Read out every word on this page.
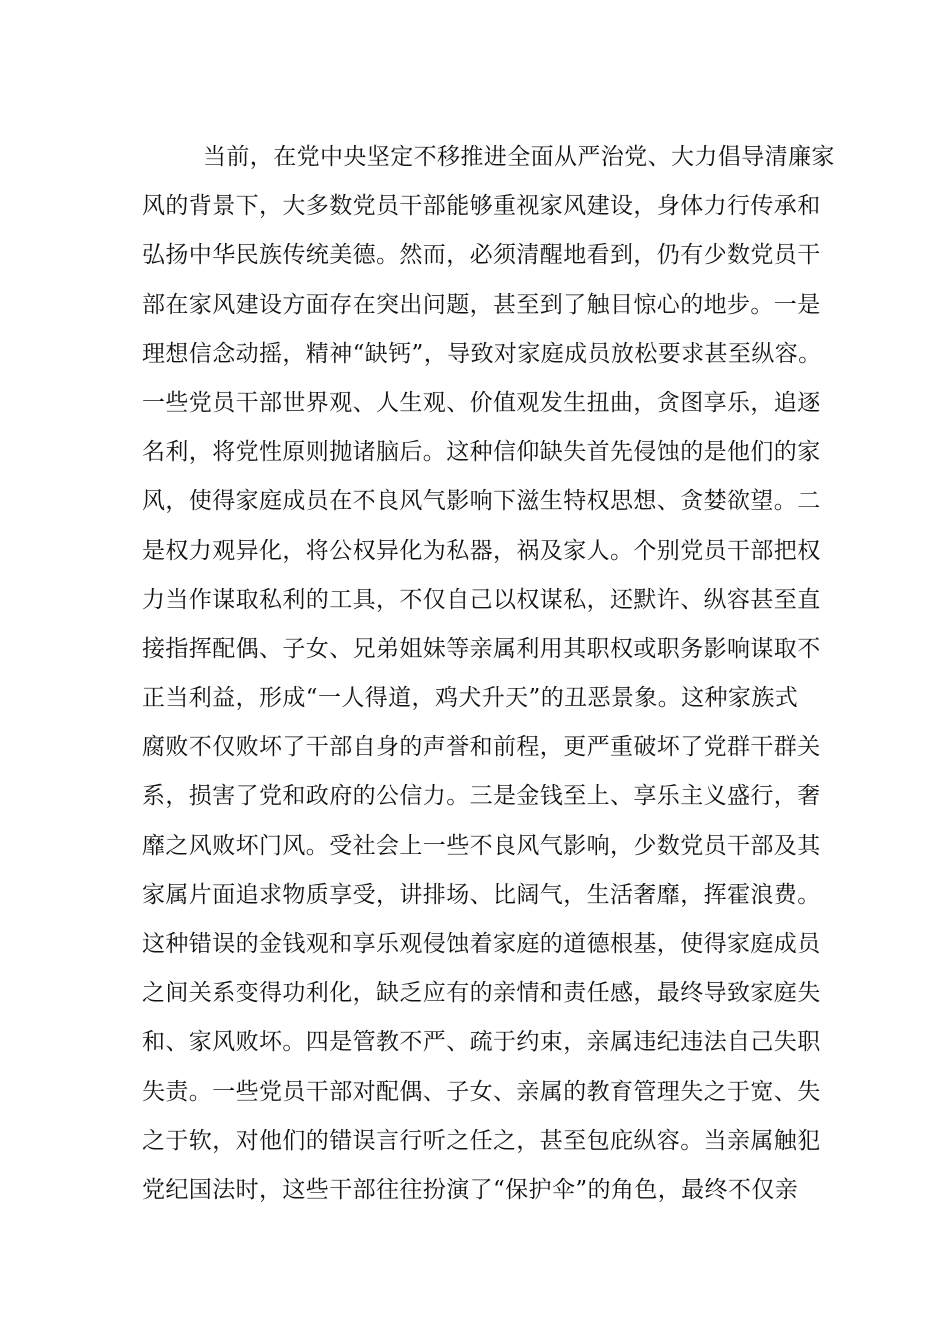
当前，在党中央坚定不移推进全面从严治党、大力倡导清廉家
风的背景下，大多数党员干部能够重视家风建设，身体力行传承和
弘扬中华民族传统美德。然而，必须清醒地看到，仍有少数党员干
部在家风建设方面存在突出问题，甚至到了触目惊心的地步。一是
理想信念动摇，精神“缺钙”，导致对家庭成员放松要求甚至纵容。
一些党员干部世界观、人生观、价值观发生扭曲，贪图享乐，追逐
名利，将党性原则抛诸脑后。这种信仰缺失首先侵蚀的是他们的家
风，使得家庭成员在不良风气影响下滋生特权思想、贪婪欲望。二
是权力观异化，将公权异化为私器，祸及家人。个别党员干部把权
力当作谋取私利的工具，不仅自己以权谋私，还默许、纵容甚至直
接指挥配偶、子女、兄弟姐妹等亲属利用其职权或职务影响谋取不
正当利益，形成“一人得道，鸡犬升天”的丑恶景象。这种家族式
腐败不仅败坏了干部自身的声誉和前程，更严重破坏了党群干群关
系，损害了党和政府的公信力。三是金钱至上、享乐主义盛行，奢
靡之风败坏门风。受社会上一些不良风气影响，少数党员干部及其
家属片面追求物质享受，讲排场、比阔气，生活奢靡，挥霍浪费。
这种错误的金钱观和享乐观侵蚀着家庭的道德根基，使得家庭成员
之间关系变得功利化，缺乏应有的亲情和责任感，最终导致家庭失
和、家风败坏。四是管教不严、疏于约束，亲属违纪违法自己失职
失责。一些党员干部对配偶、子女、亲属的教育管理失之于宽、失
之于软，对他们的错误言行听之任之，甚至包庇纵容。当亲属触犯
党纪国法时，这些干部往往扮演了“保护伞”的角色，最终不仅亲
